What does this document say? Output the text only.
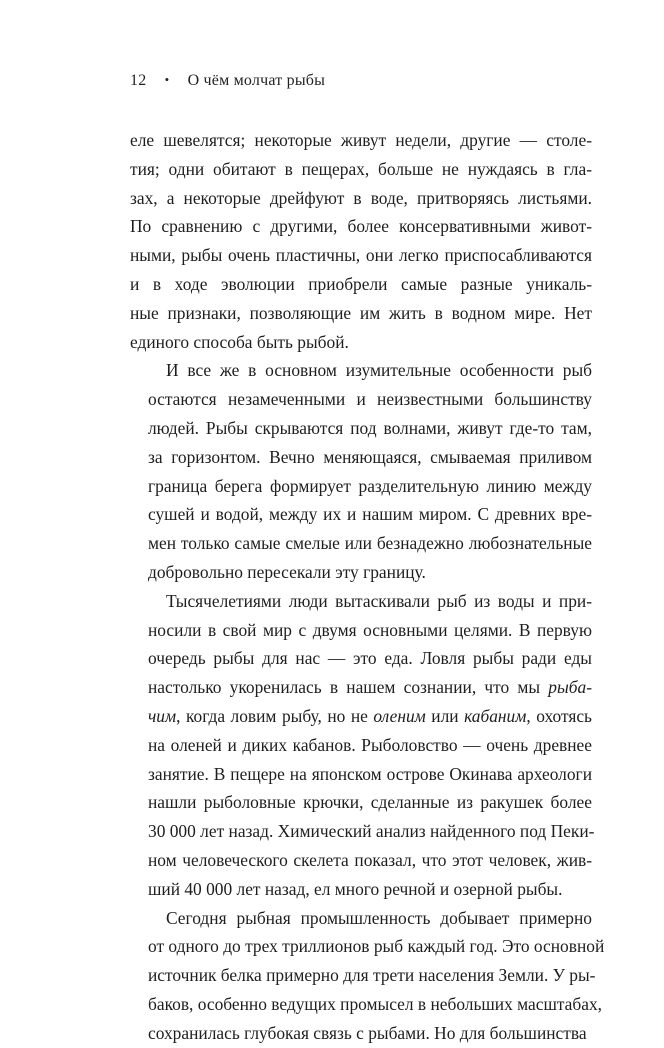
12 • О чём молчат рыбы

еле шевелятся; некоторые живут недели, другие — столе-
тия; одни обитают в пещерах, больше не нуждаясь в гла-
зах, а некоторые дрейфуют в воде, притворяясь листьями.
По сравнению с другими, более консервативными живот-
ными, рыбы очень пластичны, они легко приспосабливаются
и в ходе эволюции приобрели самые разные уникаль-
ные признаки, позволяющие им жить в водном мире. Нет
единого способа быть рыбой.

И все же в основном изумительные особенности рыб
остаются незамеченными и неизвестными большинству
людей. Рыбы скрываются под волнами, живут где-то там,
за горизонтом. Вечно меняющаяся, смываемая приливом
граница берега формирует разделительную линию между
сушей и водой, между их и нашим миром. С древних вре-
мен только самые смелые или безнадежно любознательные
добровольно пересекали эту границу.

Тысячелетиями люди вытаскивали рыб из воды и при-
носили в свой мир с двумя основными целями. В первую
очередь рыбы для нас — это еда. Ловля рыбы ради еды
настолько укоренилась в нашем сознании, что мы рыба-
чим, когда ловим рыбу, но не оленим или кабаним, охотясь
на оленей и диких кабанов. Рыболовство — очень древнее
занятие. В пещере на японском острове Окинава археологи
нашли рыболовные крючки, сделанные из ракушек более
30 000 лет назад. Химический анализ найденного под Пеки-
ном человеческого скелета показал, что этот человек, жив-
ший 40 000 лет назад, ел много речной и озерной рыбы.

Сегодня рыбная промышленность добывает примерно
от одного до трех триллионов рыб каждый год. Это основной
источник белка примерно для трети населения Земли. У ры-
баков, особенно ведущих промысел в небольших масштабах,
сохранилась глубокая связь с рыбами. Но для большинства
